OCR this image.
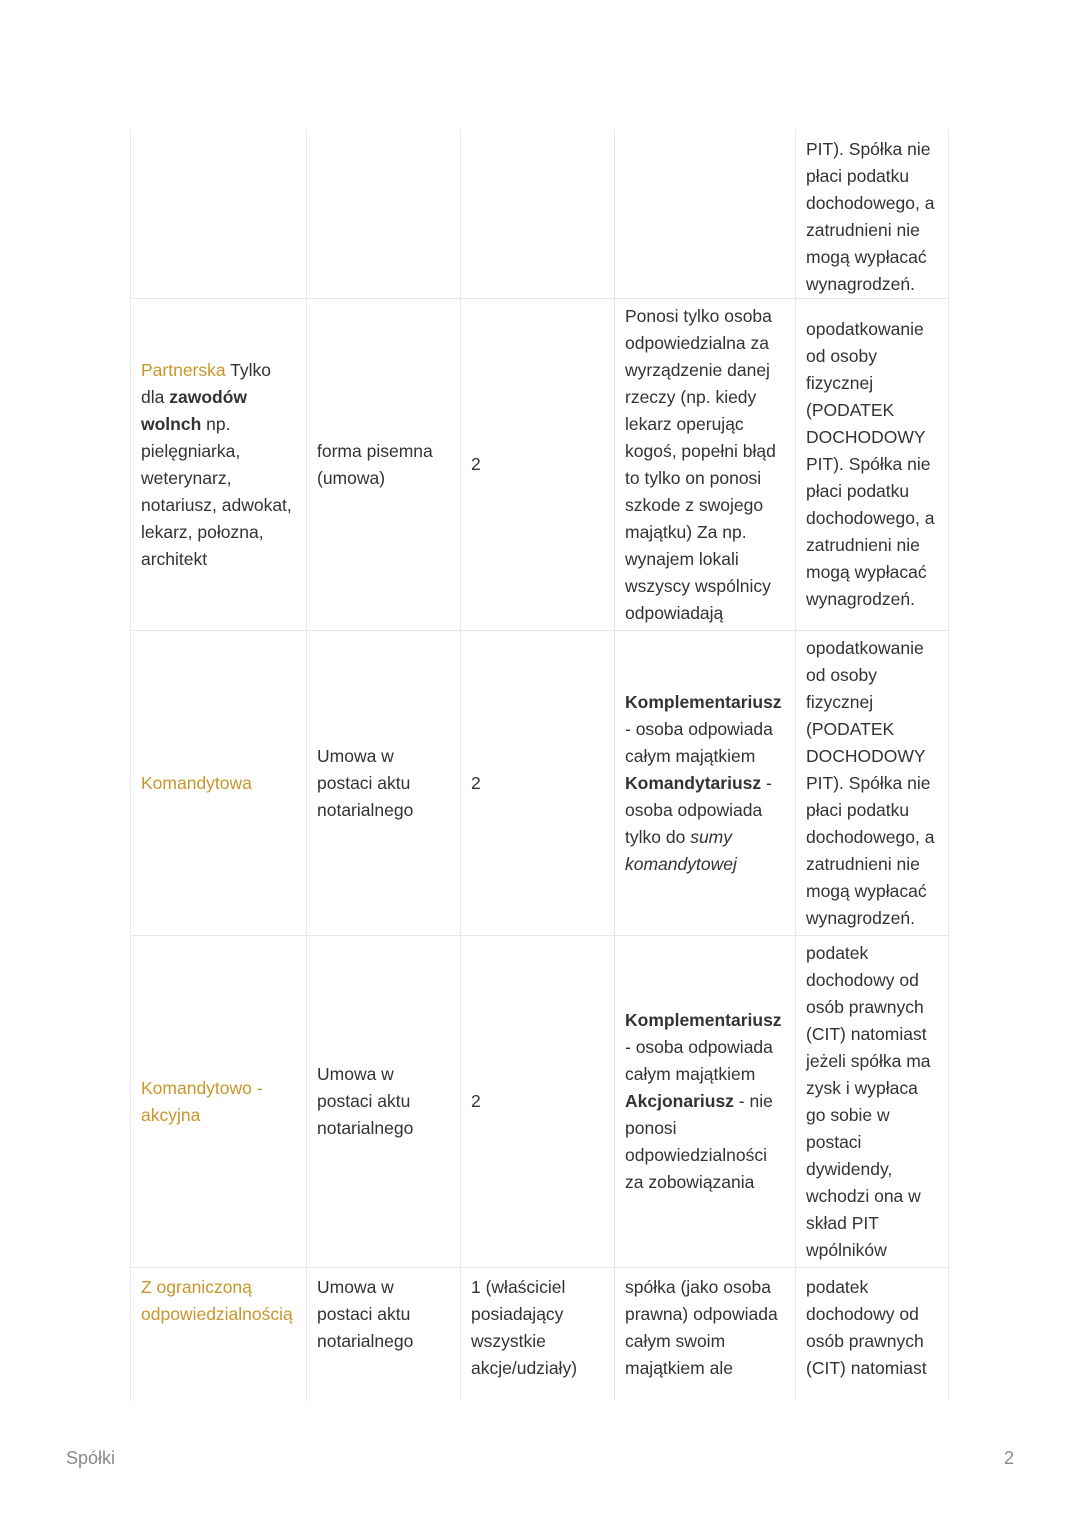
				PIT). Spółka nie płaci podatku dochodowego, a zatrudnieni nie mogą wypłacać wynagrodzeń.
Partnerska Tylko dla zawodów wolnch np. pielęgniarka, weterynarz, notariusz, adwokat, lekarz, połozna, architekt	forma pisemna (umowa)	2	Ponosi tylko osoba odpowiedzialna za wyrządzenie danej rzeczy (np. kiedy lekarz operując kogoś, popełni błąd to tylko on ponosi szkode z swojego majątku) Za np. wynajem lokali wszyscy wspólnicy odpowiadają	opodatkowanie od osoby fizycznej (PODATEK DOCHODOWY PIT). Spółka nie płaci podatku dochodowego, a zatrudnieni nie mogą wypłacać wynagrodzeń.
Komandytowa	Umowa w postaci aktu notarialnego	2	Komplementariusz - osoba odpowiada całym majątkiem Komandytariusz - osoba odpowiada tylko do sumy komandytowej	opodatkowanie od osoby fizycznej (PODATEK DOCHODOWY PIT). Spółka nie płaci podatku dochodowego, a zatrudnieni nie mogą wypłacać wynagrodzeń.
Komandytowo - akcyjna	Umowa w postaci aktu notarialnego	2	Komplementariusz - osoba odpowiada całym majątkiem Akcjonariusz - nie ponosi odpowiedzialności za zobowiązania	podatek dochodowy od osób prawnych (CIT) natomiast jeżeli spółka ma zysk i wypłaca go sobie w postaci dywidendy, wchodzi ona w skład PIT wpólników
Z ograniczoną odpowiedzialnością	Umowa w postaci aktu notarialnego	1 (właściciel posiadający wszystkie akcje/udziały)	spółka (jako osoba prawna) odpowiada całym swoim majątkiem ale	podatek dochodowy od osób prawnych (CIT) natomiast
Spółki	2
